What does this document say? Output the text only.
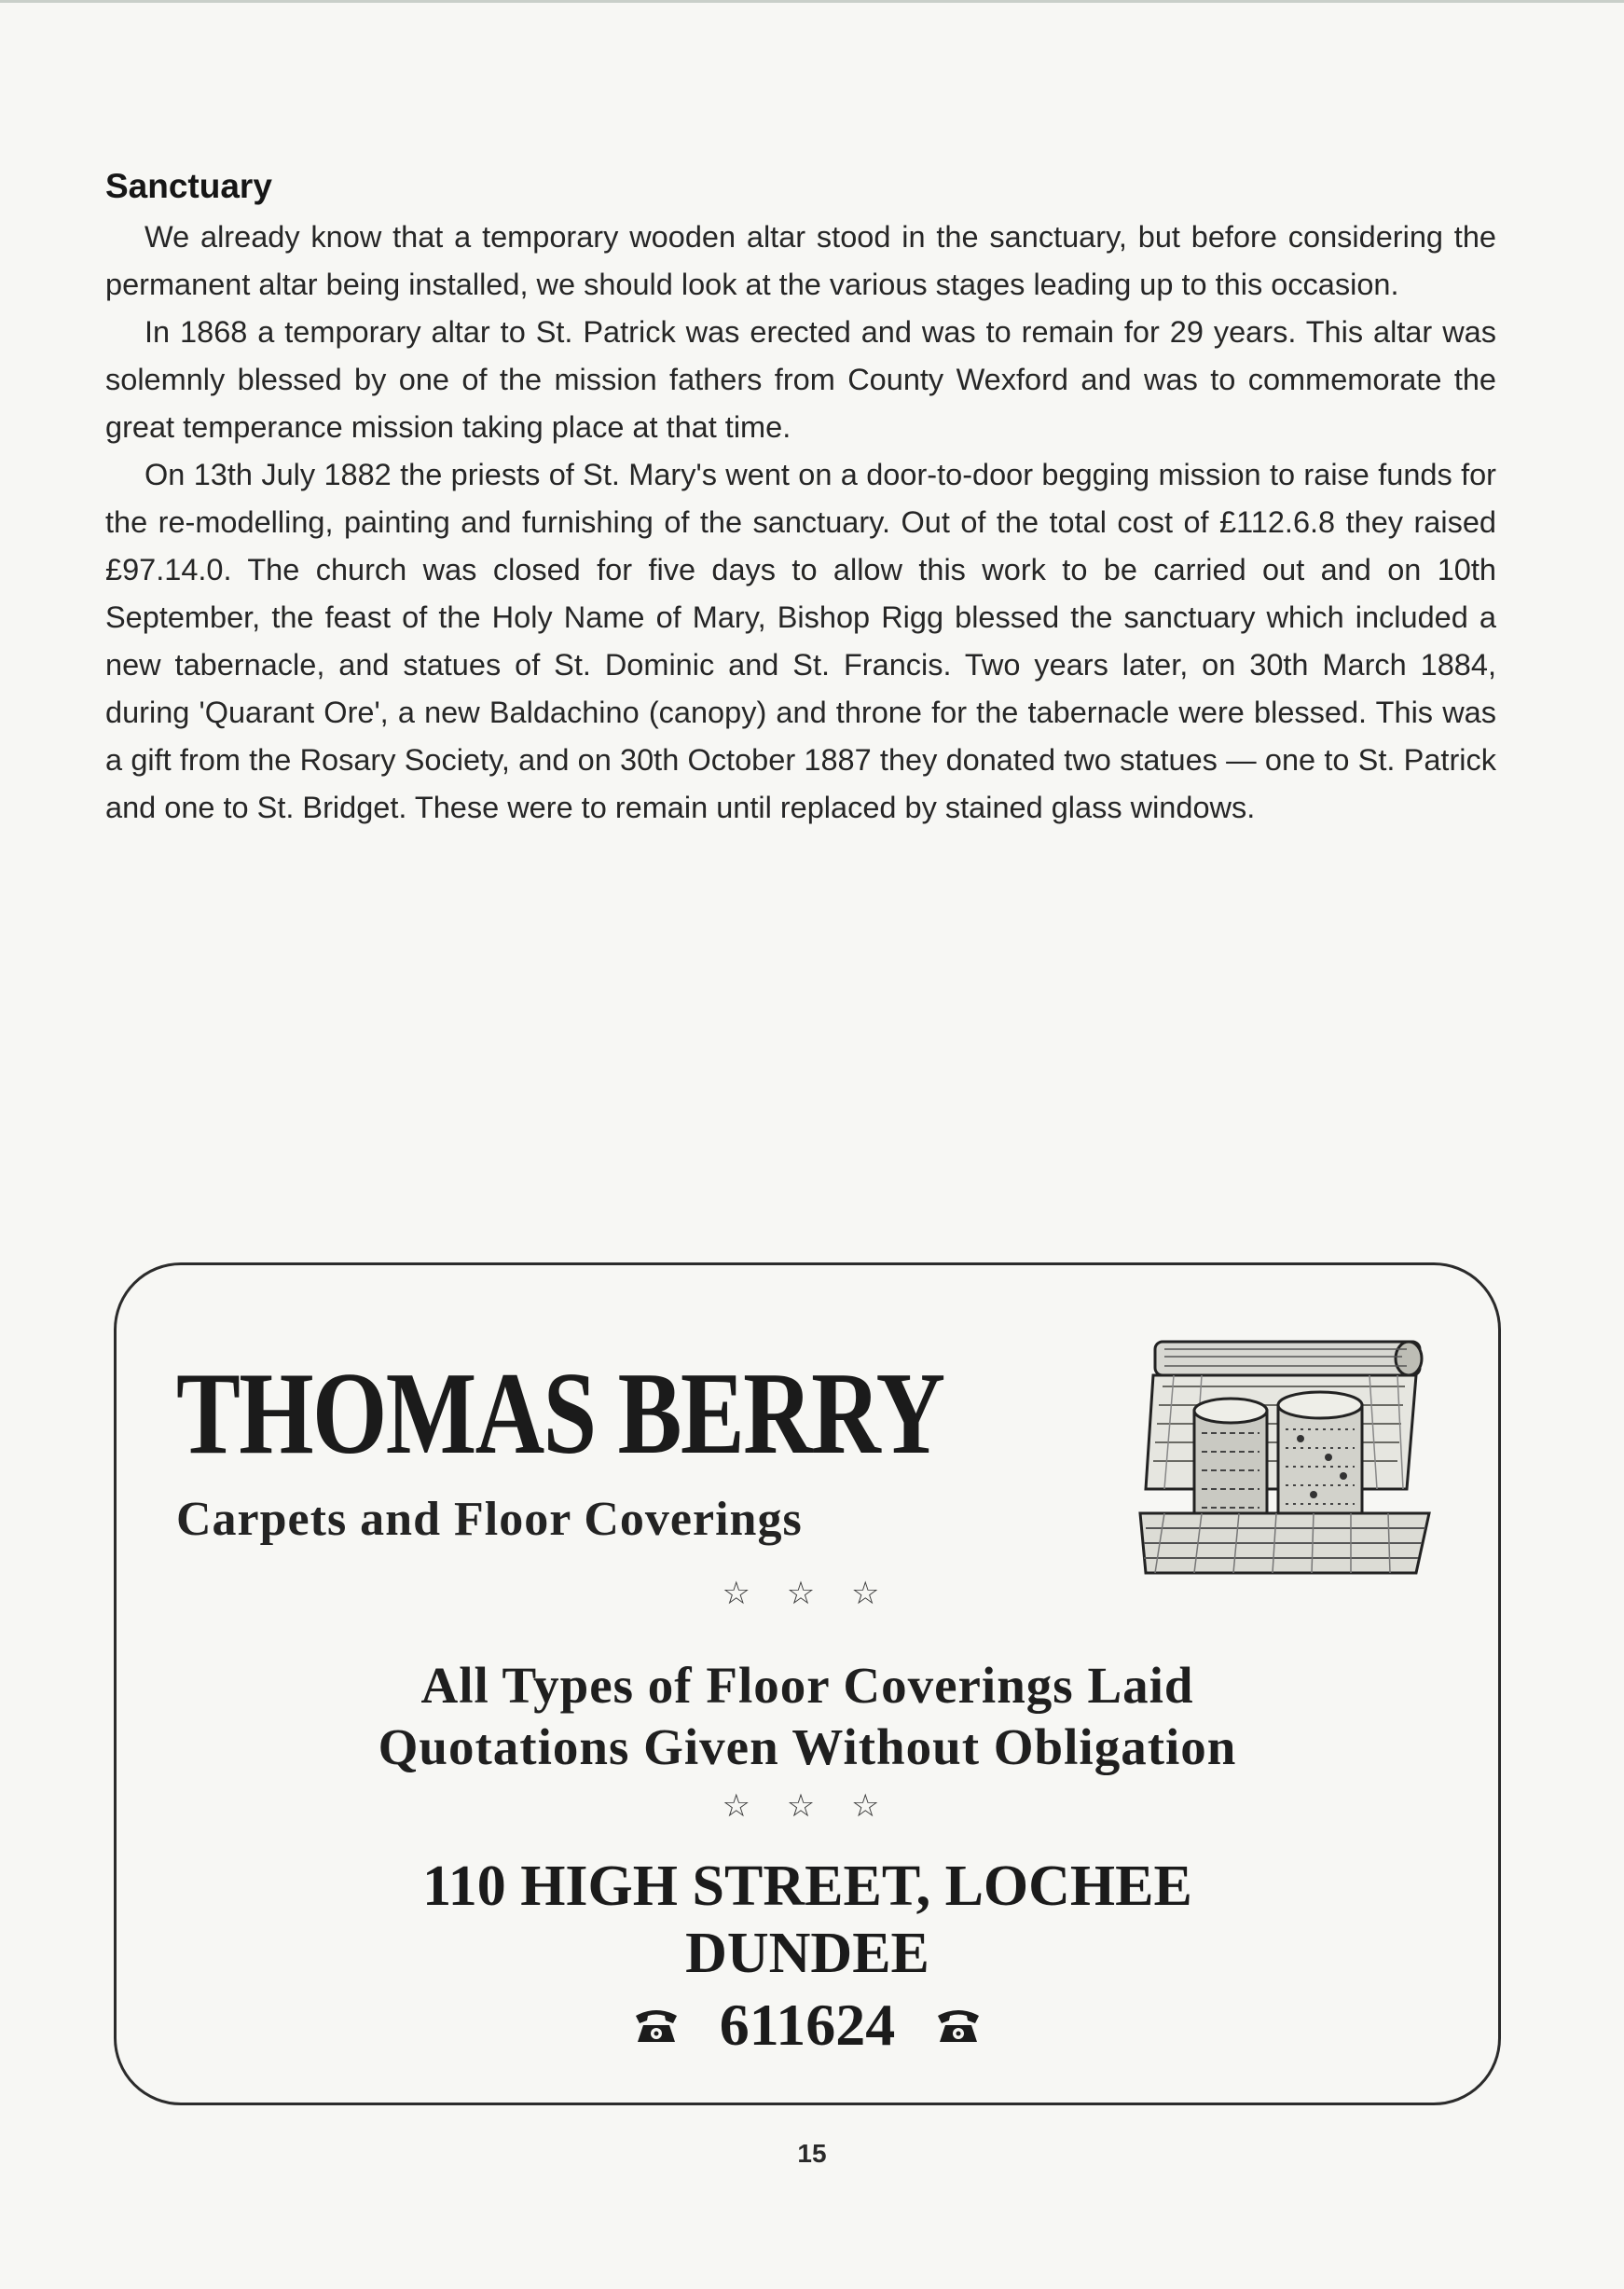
Sanctuary

We already know that a temporary wooden altar stood in the sanctuary, but before considering the permanent altar being installed, we should look at the various stages leading up to this occasion.

In 1868 a temporary altar to St. Patrick was erected and was to remain for 29 years. This altar was solemnly blessed by one of the mission fathers from County Wexford and was to commemorate the great temperance mission taking place at that time.

On 13th July 1882 the priests of St. Mary's went on a door-to-door begging mission to raise funds for the re-modelling, painting and furnishing of the sanctuary. Out of the total cost of £112.6.8 they raised £97.14.0. The church was closed for five days to allow this work to be carried out and on 10th September, the feast of the Holy Name of Mary, Bishop Rigg blessed the sanctuary which included a new tabernacle, and statues of St. Dominic and St. Francis. Two years later, on 30th March 1884, during 'Quarant Ore', a new Baldachino (canopy) and throne for the tabernacle were blessed. This was a gift from the Rosary Society, and on 30th October 1887 they donated two statues — one to St. Patrick and one to St. Bridget. These were to remain until replaced by stained glass windows.

THOMAS BERRY
Carpets and Floor Coverings
☆ ☆ ☆
All Types of Floor Coverings Laid
Quotations Given Without Obligation
☆ ☆ ☆
110 HIGH STREET, LOCHEE
DUNDEE
611624
15
